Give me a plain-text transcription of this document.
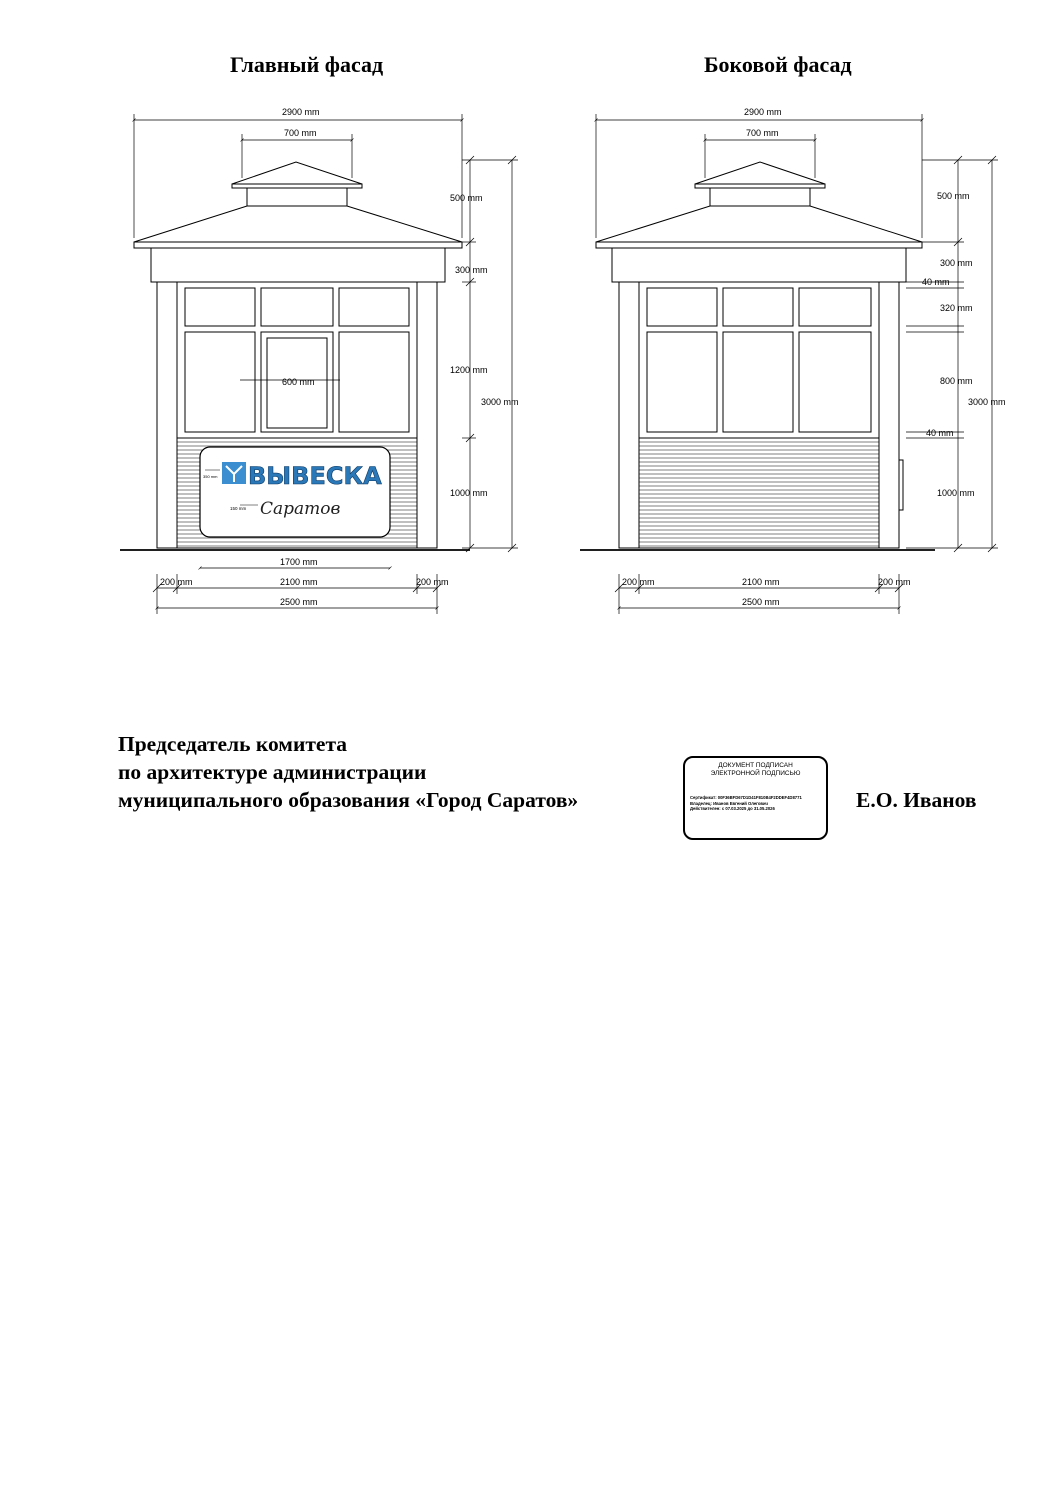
Главный фасад	Боковой фасад
ВЫВЕСКА
Саратов
350 mm
150 mm
2900 mm
700 mm
500 mm
300 mm
1200 mm
3000 mm
1000 mm
600 mm
1700 mm
200 mm	2100 mm	200 mm
2500 mm
2900 mm
700 mm
500 mm
300 mm
40 mm
320 mm
800 mm
3000 mm
40 mm
1000 mm
200 mm	2100 mm	200 mm
2500 mm
Председатель комитета
по архитектуре администрации
муниципального образования «Город Саратов»
ДОКУМЕНТ ПОДПИСАН
ЭЛЕКТРОННОЙ ПОДПИСЬЮ
Сертификат: 00F36BFD67D1D41F810B4F2DDEF4D8771
Владелец: Иванов Евгений Олегович
Действителен: с 07.03.2025 до 31.05.2026	Е.О. Иванов
